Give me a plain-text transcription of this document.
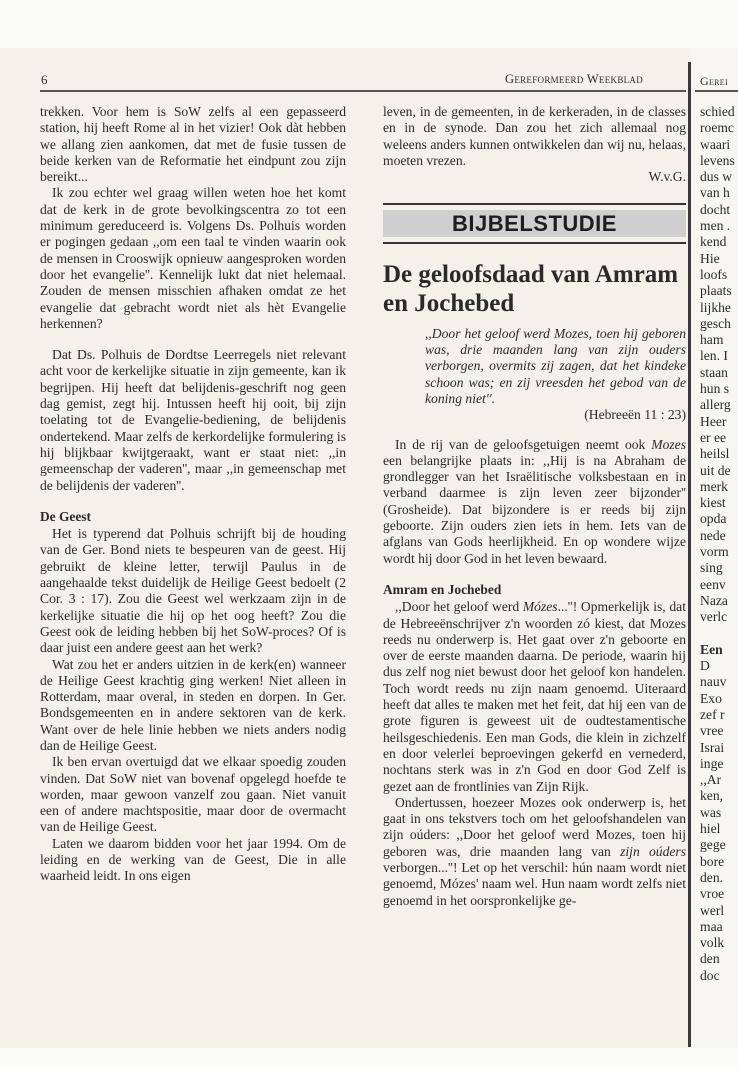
6	Gereformeerd Weekblad	Gerei

trekken. Voor hem is SoW zelfs al een gepasseerd station, hij heeft Rome al in het vizier! Ook dàt hebben we allang zien aankomen, dat met de fusie tussen de beide kerken van de Reformatie het eindpunt zou zijn bereikt...

Ik zou echter wel graag willen weten hoe het komt dat de kerk in de grote bevolkingscentra zo tot een minimum gereduceerd is. Volgens Ds. Polhuis worden er pogingen gedaan ,,om een taal te vinden waarin ook de mensen in Crooswijk opnieuw aangesproken worden door het evangelie''. Kennelijk lukt dat niet helemaal. Zouden de mensen misschien afhaken omdat ze het evangelie dat gebracht wordt niet als hèt Evangelie herkennen?

Dat Ds. Polhuis de Dordtse Leerregels niet relevant acht voor de kerkelijke situatie in zijn gemeente, kan ik begrijpen. Hij heeft dat belijdenis-geschrift nog geen dag gemist, zegt hij. Intussen heeft hij ooit, bij zijn toelating tot de Evangelie-bediening, de belijdenis ondertekend. Maar zelfs de kerkordelijke formulering is hij blijkbaar kwijtgeraakt, want er staat niet: ,,in gemeenschap der vaderen'', maar ,,in gemeenschap met de belijdenis der vaderen''.

De Geest

Het is typerend dat Polhuis schrijft bij de houding van de Ger. Bond niets te bespeuren van de geest. Hij gebruikt de kleine letter, terwijl Paulus in de aangehaalde tekst duidelijk de Heilige Geest bedoelt (2 Cor. 3 : 17). Zou die Geest wel werkzaam zijn in de kerkelijke situatie die hij op het oog heeft? Zou die Geest ook de leiding hebben bij het SoW-proces? Of is daar juist een andere geest aan het werk?

Wat zou het er anders uitzien in de kerk(en) wanneer de Heilige Geest krachtig ging werken! Niet alleen in Rotterdam, maar overal, in steden en dorpen. In Ger. Bondsgemeenten en in andere sektoren van de kerk. Want over de hele linie hebben we niets anders nodig dan de Heilige Geest.

Ik ben ervan overtuigd dat we elkaar spoedig zouden vinden. Dat SoW niet van bovenaf opgelegd hoefde te worden, maar gewoon vanzelf zou gaan. Niet vanuit een of andere machtspositie, maar door de overmacht van de Heilige Geest.

Laten we daarom bidden voor het jaar 1994. Om de leiding en de werking van de Geest, Die in alle waarheid leidt. In ons eigen

leven, in de gemeenten, in de kerkeraden, in de classes en in de synode. Dan zou het zich allemaal nog weleens anders kunnen ontwikkelen dan wij nu, helaas, moeten vrezen.

W.v.G.
BIJBELSTUDIE
De geloofsdaad van Amram en Jochebed
,,Door het geloof werd Mozes, toen hij geboren was, drie maanden lang van zijn ouders verborgen, overmits zij zagen, dat het kindeke schoon was; en zij vreesden het gebod van de koning niet''.
(Hebreeën 11 : 23)

In de rij van de geloofsgetuigen neemt ook Mozes een belangrijke plaats in: ,,Hij is na Abraham de grondlegger van het Israëlitische volksbestaan en in verband daarmee is zijn leven zeer bijzonder'' (Grosheide). Dat bijzondere is er reeds bij zijn geboorte. Zijn ouders zien iets in hem. Iets van de afglans van Gods heerlijkheid. En op wondere wijze wordt hij door God in het leven bewaard.

Amram en Jochebed

,,Door het geloof werd Mózes...''! Opmerkelijk is, dat de Hebreeënschrijver z'n woorden zó kiest, dat Mozes reeds nu onderwerp is. Het gaat over z'n geboorte en over de eerste maanden daarna. De periode, waarin hij dus zelf nog niet bewust door het geloof kon handelen. Toch wordt reeds nu zijn naam genoemd. Uiteraard heeft dat alles te maken met het feit, dat hij een van de grote figuren is geweest uit de oudtestamentische heilsgeschiedenis. Een man Gods, die klein in zichzelf en door velerlei beproevingen gekerfd en vernederd, nochtans sterk was in z'n God en door God Zelf is gezet aan de frontlinies van Zijn Rijk.

Ondertussen, hoezeer Mozes ook onderwerp is, het gaat in ons tekstvers toch om het geloofshandelen van zijn oúders: ,,Door het geloof werd Mozes, toen hij geboren was, drie maanden lang van zijn oúders verborgen...''! Let op het verschil: hún naam wordt niet genoemd, Mózes' naam wel. Hun naam wordt zelfs niet genoemd in het oorspronkelijke ge-

schied
roemc
waari
levens
dus w
van h
docht
men .
kend
Hie
loofs
plaats
lijkhe
gesch
ham
len. I
staan
hun s
allerg
Heer
er ee
heilsl
uit de
merk
kiest
opda
nede
vorm
sing
eenv
Naza
verlc

Een
D
nauv
Exo
zef r
vree
Israi
inge
,,Ar
ken,
was
hiel
gege
bore
den.
vroe
werl
maa
volk
den
doc
